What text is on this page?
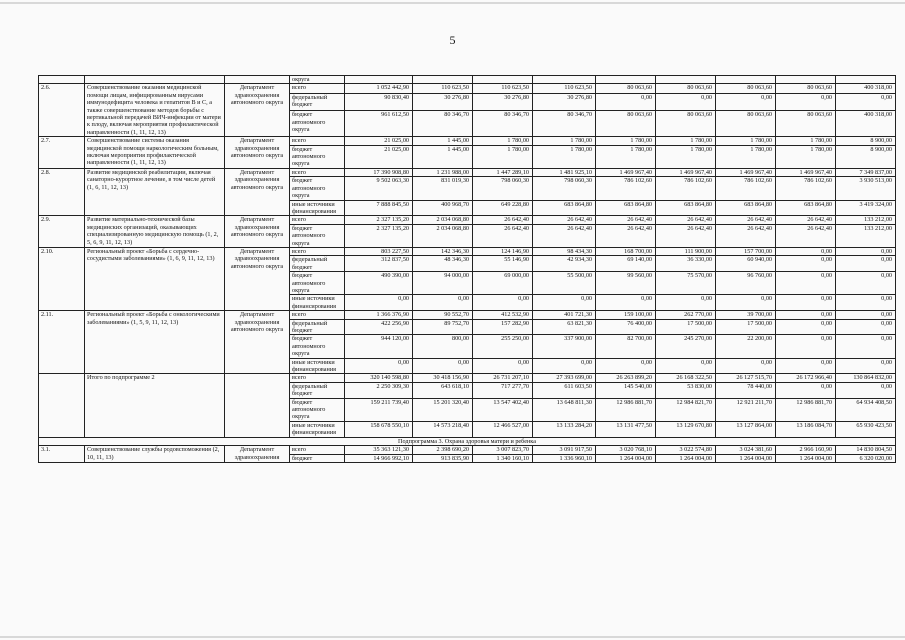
5
			округа									
2.6.	Совершенствование оказания медицинской помощи лицам, инфицированным вирусами иммунодефицита человека и гепатитов В и С, а также совершенствование методов борьбы с вертикальной передачей ВИЧ-инфекции от матери к плоду, включая мероприятия профилактической направленности (1, 11, 12, 13)	Департамент здравоохранения автономного округа	всего	1 052 442,90	110 623,50	110 623,50	110 623,50	80 063,60	80 063,60	80 063,60	80 063,60	400 318,00
			федеральный бюджет	90 830,40	30 276,80	30 276,80	30 276,80	0,00	0,00	0,00	0,00	0,00
			бюджет автономного округа	961 612,50	80 346,70	80 346,70	80 346,70	80 063,60	80 063,60	80 063,60	80 063,60	400 318,00
2.7.	Совершенствование системы оказания медицинской помощи наркологическим больным, включая мероприятия профилактической направленности (1, 11, 12, 13)	Департамент здравоохранения автономного округа	всего	21 025,00	1 445,00	1 780,00	1 780,00	1 780,00	1 780,00	1 780,00	1 780,00	8 900,00
			бюджет автономного округа	21 025,00	1 445,00	1 780,00	1 780,00	1 780,00	1 780,00	1 780,00	1 780,00	8 900,00
2.8.	Развитие медицинской реабилитации, включая санаторно-курортное лечение, в том числе детей (1, 6, 11, 12, 13)	Департамент здравоохранения автономного округа	всего	17 390 908,80	1 231 988,00	1 447 289,10	1 481 925,10	1 469 967,40	1 469 967,40	1 469 967,40	1 469 967,40	7 349 837,00
			бюджет автономного округа	9 502 063,30	831 019,30	798 060,30	798 060,30	786 102,60	786 102,60	786 102,60	786 102,60	3 930 513,00
			иные источники финансирования	7 888 845,50	400 968,70	649 228,80	683 864,80	683 864,80	683 864,80	683 864,80	683 864,80	3 419 324,00
2.9.	Развитие материально-технической базы медицинских организаций, оказывающих специализированную медицинскую помощь (1, 2, 5, 6, 9, 11, 12, 13)	Департамент здравоохранения автономного округа	всего	2 327 135,20	2 034 068,80	26 642,40	26 642,40	26 642,40	26 642,40	26 642,40	26 642,40	133 212,00
			бюджет автономного округа	2 327 135,20	2 034 068,80	26 642,40	26 642,40	26 642,40	26 642,40	26 642,40	26 642,40	133 212,00
2.10.	Региональный проект «Борьба с сердечно-сосудистыми заболеваниями» (1, 6, 9, 11, 12, 13)	Департамент здравоохранения автономного округа	всего	803 227,50	142 346,30	124 146,90	98 434,30	168 700,00	111 900,00	157 700,00	0,00	0,00
			федеральный бюджет	312 837,50	48 346,30	55 146,90	42 934,30	69 140,00	36 330,00	60 940,00	0,00	0,00
			бюджет автономного округа	490 390,00	94 000,00	69 000,00	55 500,00	99 560,00	75 570,00	96 760,00	0,00	0,00
			иные источники финансирования	0,00	0,00	0,00	0,00	0,00	0,00	0,00	0,00	0,00
2.11.	Региональный проект «Борьба с онкологическими заболеваниями» (1, 5, 9, 11, 12, 13)	Департамент здравоохранения автономного округа	всего	1 366 376,90	90 552,70	412 532,90	401 721,30	159 100,00	262 770,00	39 700,00	0,00	0,00
			федеральный бюджет	422 256,90	89 752,70	157 282,90	63 821,30	76 400,00	17 500,00	17 500,00	0,00	0,00
			бюджет автономного округа	944 120,00	800,00	255 250,00	337 900,00	82 700,00	245 270,00	22 200,00	0,00	0,00
			иные источники финансирования	0,00	0,00	0,00	0,00	0,00	0,00	0,00	0,00	0,00
	Итого по подпрограмме 2		всего	320 140 598,80	30 418 156,90	26 731 207,10	27 393 699,00	26 263 899,20	26 168 322,50	26 127 515,70	26 172 966,40	130 864 832,00
			федеральный бюджет	2 250 309,30	643 618,10	717 277,70	611 603,50	145 540,00	53 830,00	78 440,00	0,00	0,00
			бюджет автономного округа	159 211 739,40	15 201 320,40	13 547 402,40	13 648 811,30	12 986 881,70	12 984 821,70	12 921 211,70	12 986 881,70	64 934 408,50
			иные источники финансирования	158 678 550,10	14 573 218,40	12 466 527,00	13 133 284,20	13 131 477,50	13 129 670,80	13 127 864,00	13 186 084,70	65 930 423,50
Подпрограмма 3. Охрана здоровья матери и ребенка												
3.1.	Совершенствование службы родовспоможения (2, 10, 11, 13)	Департамент здравоохранения	всего	35 363 121,30	2 398 690,20	3 007 823,70	3 091 917,50	3 020 768,10	3 022 574,80	3 024 381,60	2 966 160,90	14 830 804,50
			бюджет	14 966 992,10	913 835,90	1 340 160,10	1 336 960,10	1 264 004,00	1 264 004,00	1 264 004,00	1 264 004,00	6 320 020,00
